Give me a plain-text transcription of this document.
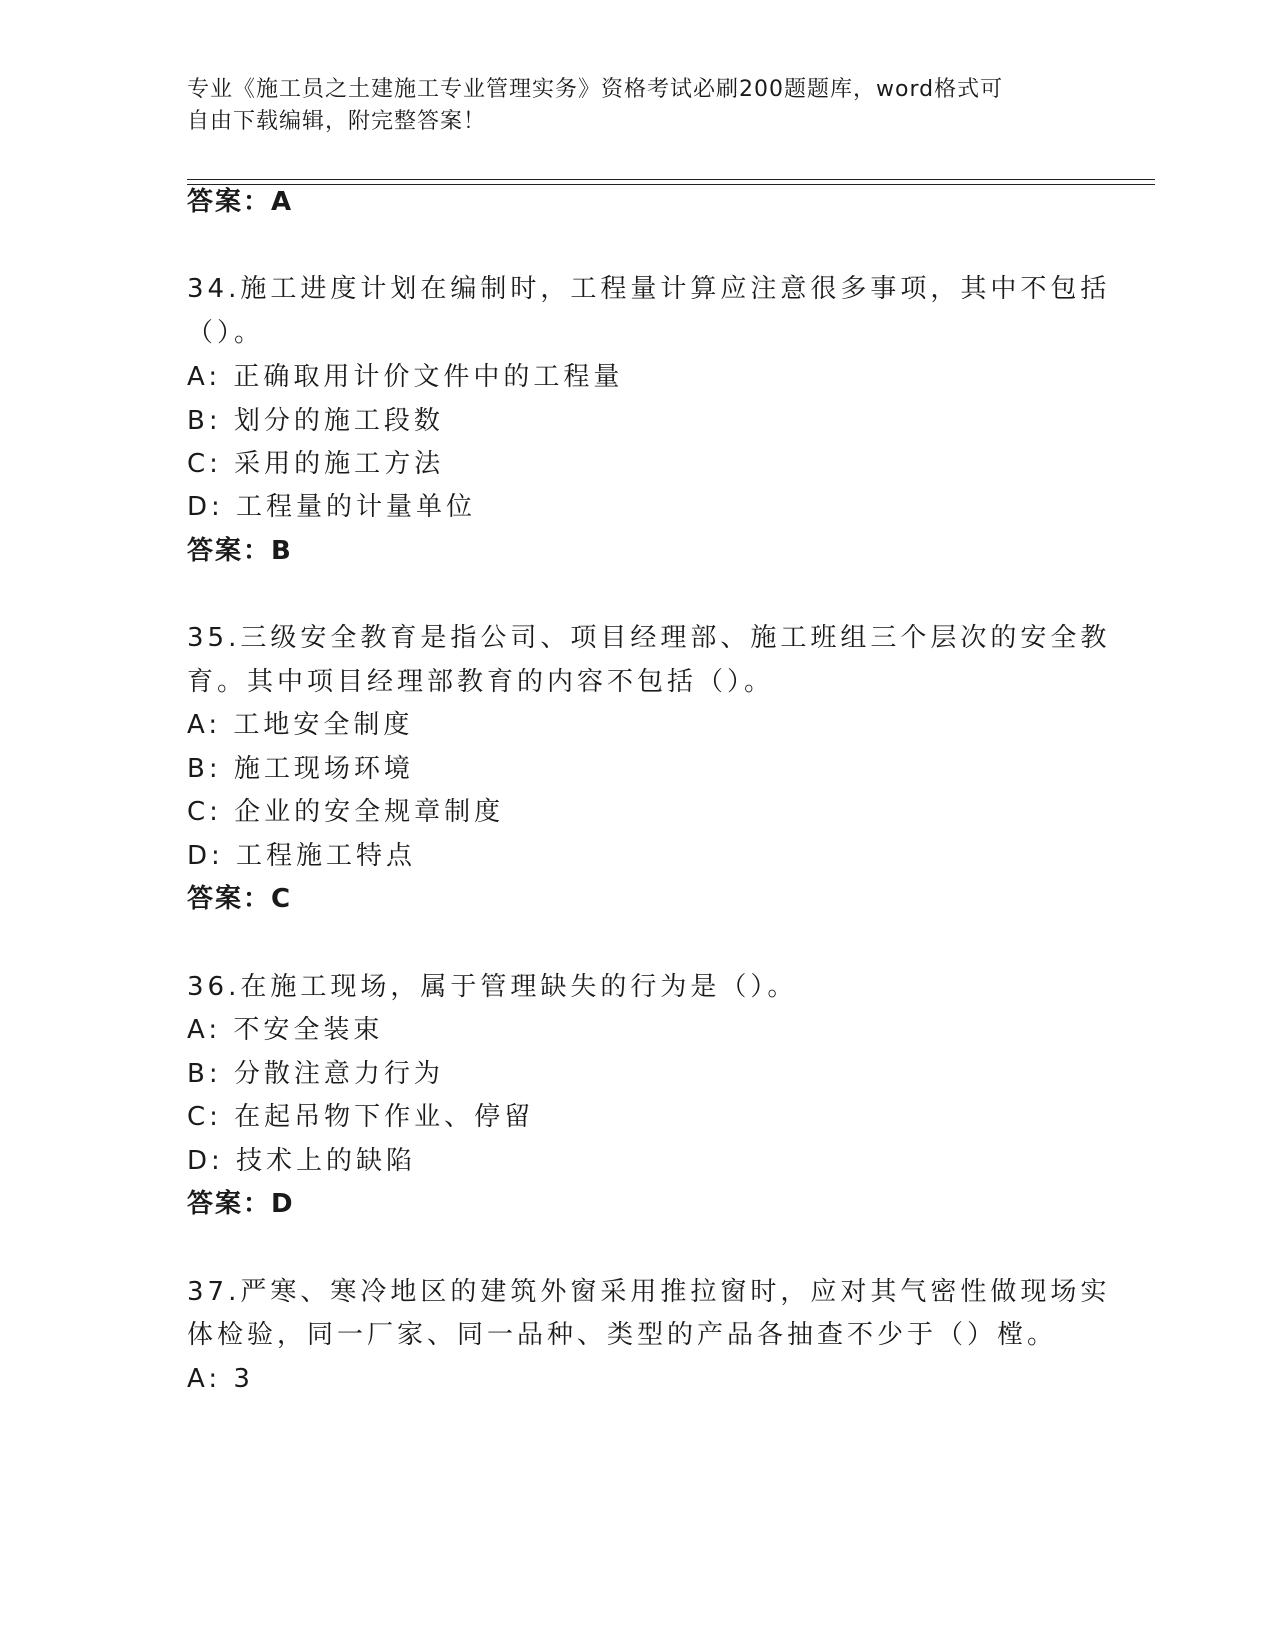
专业《施工员之土建施工专业管理实务》资格考试必刷200题题库，word格式可
自由下载编辑，附完整答案！
答案：A
34.施工进度计划在编制时，工程量计算应注意很多事项，其中不包括
（）。
A: 正确取用计价文件中的工程量
B: 划分的施工段数
C: 采用的施工方法
D: 工程量的计量单位
答案：B
35.三级安全教育是指公司、项目经理部、施工班组三个层次的安全教
育。其中项目经理部教育的内容不包括（）。
A: 工地安全制度
B: 施工现场环境
C: 企业的安全规章制度
D: 工程施工特点
答案：C
36.在施工现场，属于管理缺失的行为是（）。
A: 不安全装束
B: 分散注意力行为
C: 在起吊物下作业、停留
D: 技术上的缺陷
答案：D
37.严寒、寒冷地区的建筑外窗采用推拉窗时，应对其气密性做现场实
体检验，同一厂家、同一品种、类型的产品各抽查不少于（）樘。
A: 3
